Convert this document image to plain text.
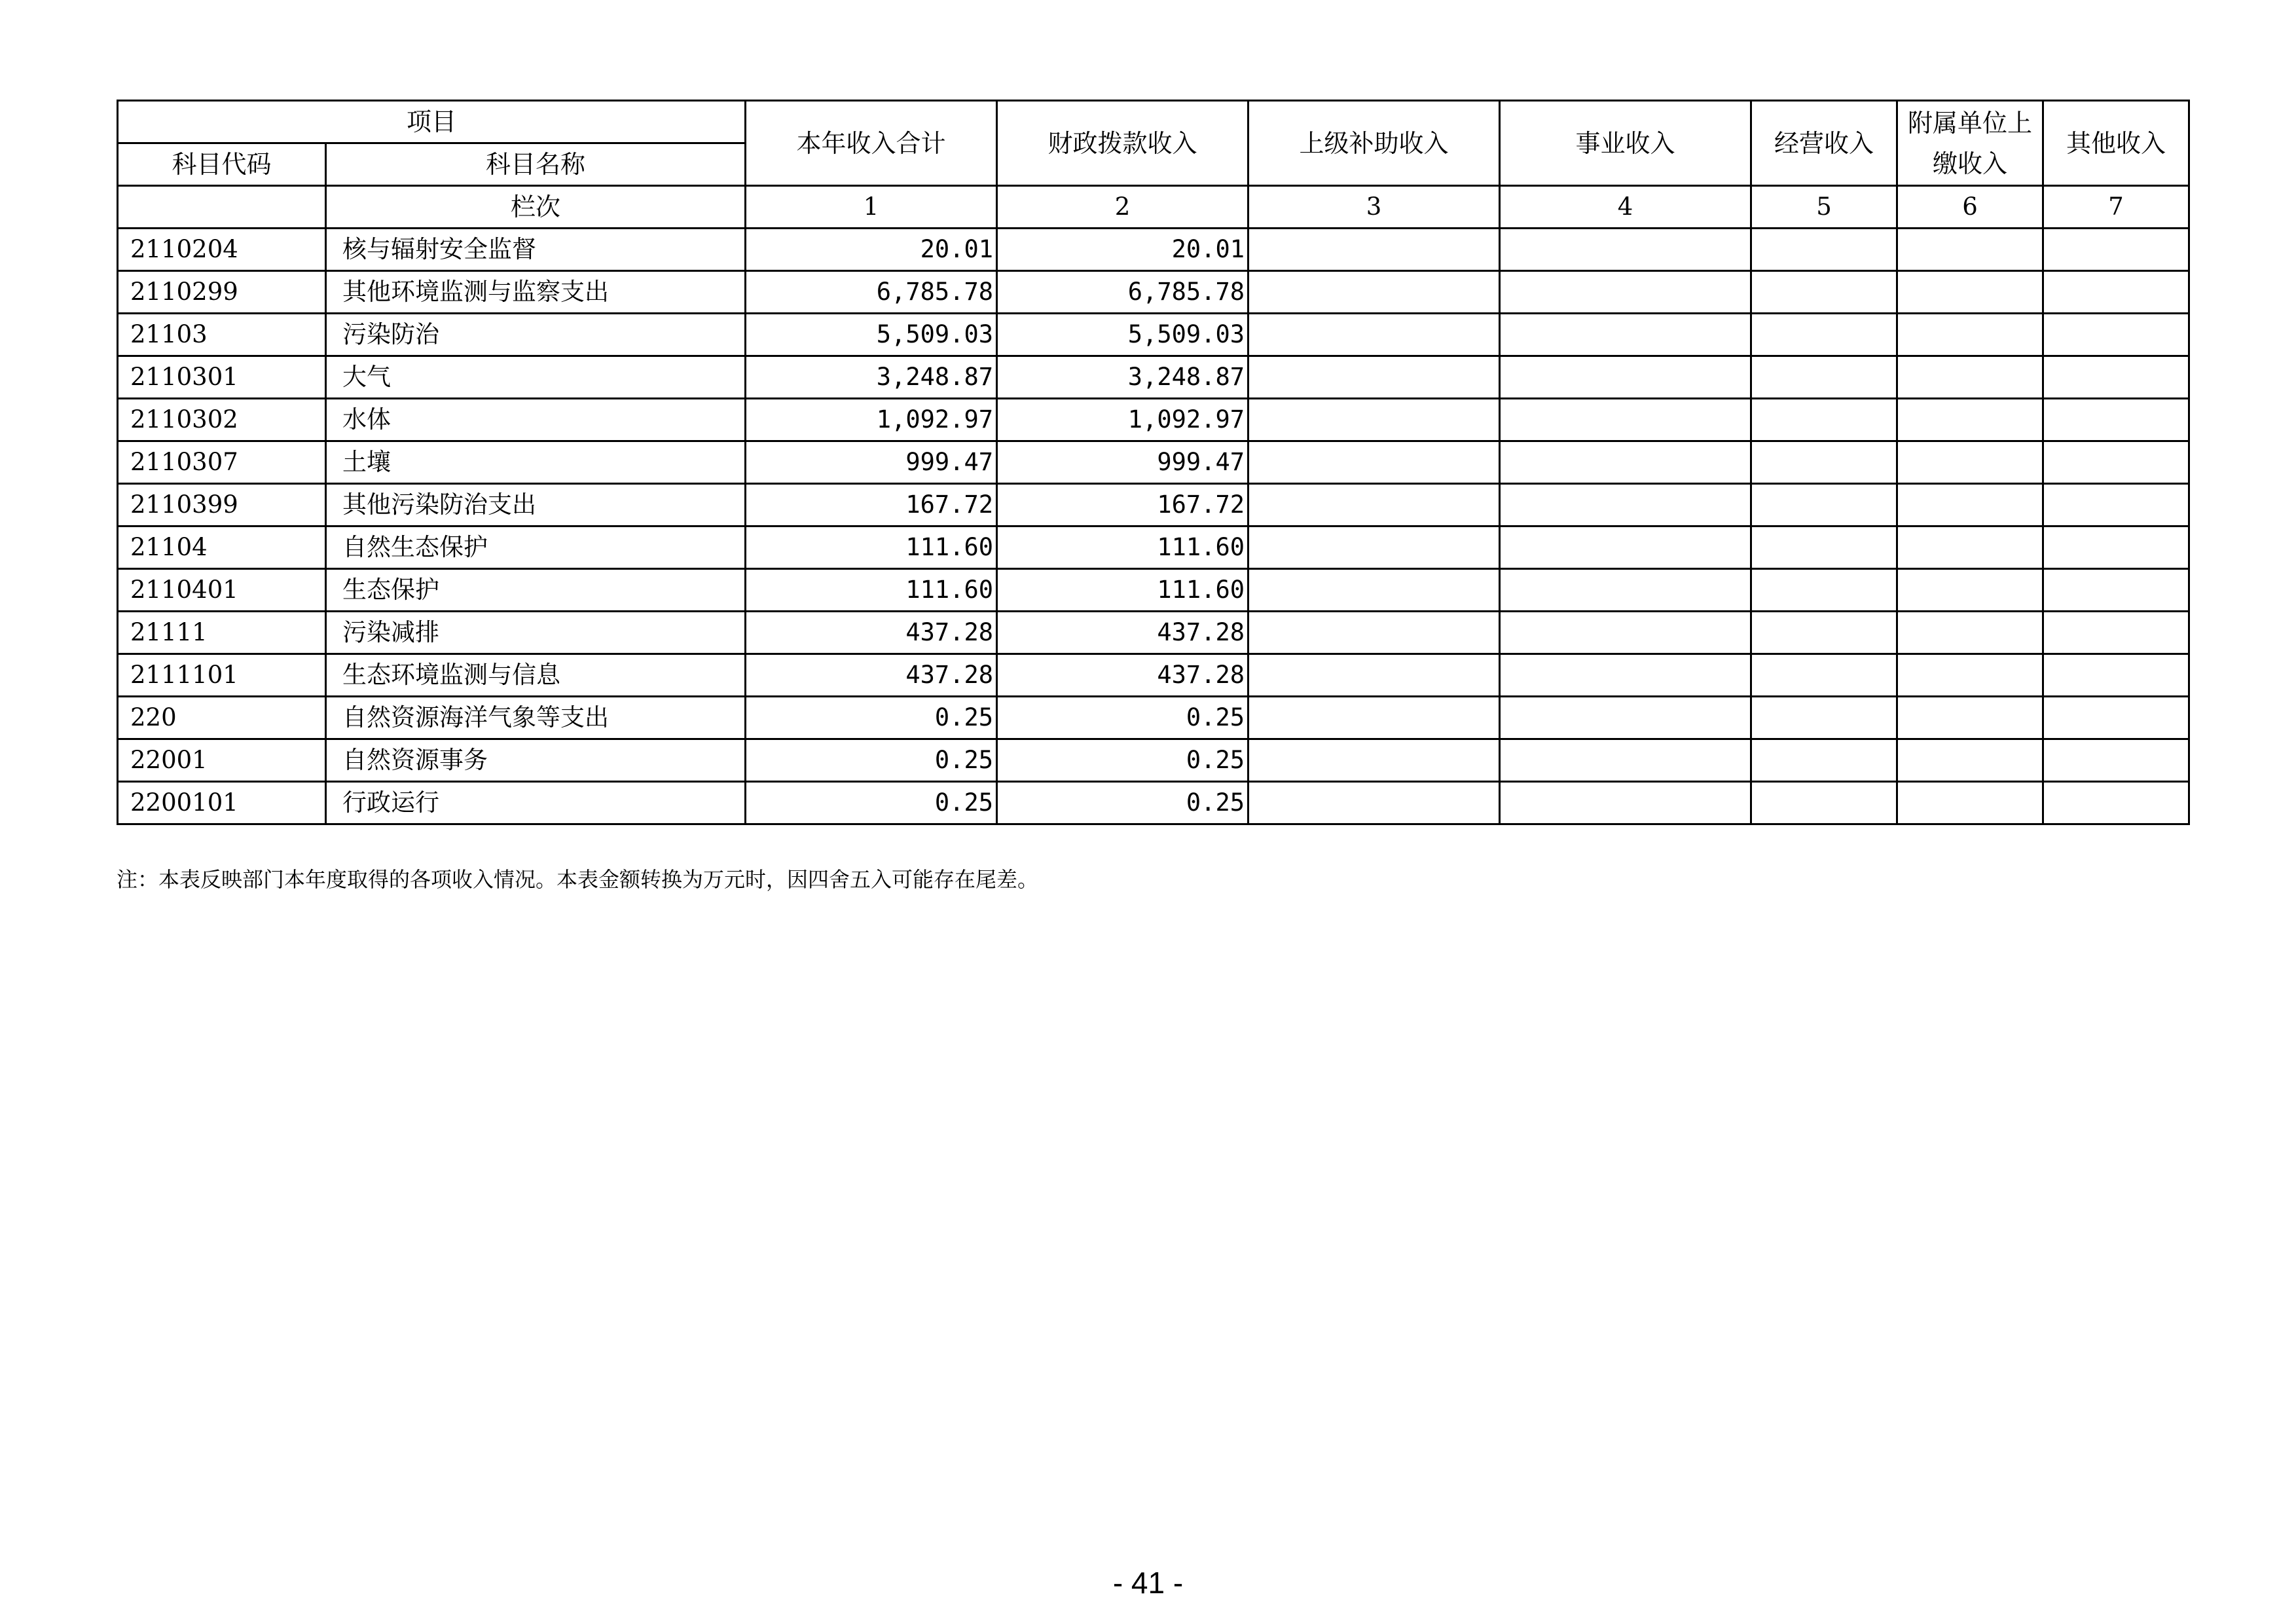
项目		本年收入合计	财政拨款收入	上级补助收入	事业收入	经营收入	附属单位上缴收入	其他收入
科目代码	科目名称							
	栏次	1	2	3	4	5	6	7
2110204	核与辐射安全监督	20.01	20.01					
2110299	其他环境监测与监察支出	6,785.78	6,785.78					
21103	污染防治	5,509.03	5,509.03					
2110301	大气	3,248.87	3,248.87					
2110302	水体	1,092.97	1,092.97					
2110307	土壤	999.47	999.47					
2110399	其他污染防治支出	167.72	167.72					
21104	自然生态保护	111.60	111.60					
2110401	生态保护	111.60	111.60					
21111	污染减排	437.28	437.28					
2111101	生态环境监测与信息	437.28	437.28					
220	自然资源海洋气象等支出	0.25	0.25					
22001	自然资源事务	0.25	0.25					
2200101	行政运行	0.25	0.25					
注：本表反映部门本年度取得的各项收入情况。本表金额转换为万元时，因四舍五入可能存在尾差。
- 41 -
